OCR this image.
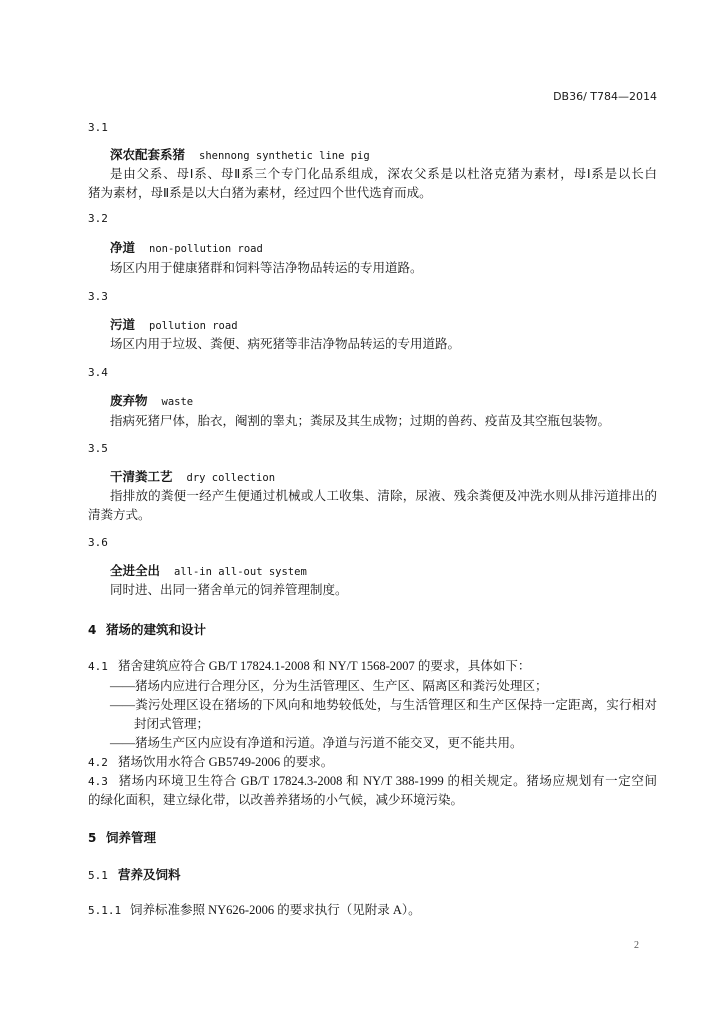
DB36/ T784—2014
3.1
深农配套系猪 shennong synthetic line pig
是由父系、母Ⅰ系、母Ⅱ系三个专门化品系组成，深农父系是以杜洛克猪为素材，母Ⅰ系是以长白
猪为素材，母Ⅱ系是以大白猪为素材，经过四个世代选育而成。
3.2
净道 non-pollution road
场区内用于健康猪群和饲料等洁净物品转运的专用道路。
3.3
污道 pollution road
场区内用于垃圾、粪便、病死猪等非洁净物品转运的专用道路。
3.4
废弃物 waste
指病死猪尸体，胎衣，阉割的睾丸；粪尿及其生成物；过期的兽药、疫苗及其空瓶包装物。
3.5
干清粪工艺 dry collection
指排放的粪便一经产生便通过机械或人工收集、清除，尿液、残余粪便及冲洗水则从排污道排出的
清粪方式。
3.6
全进全出 all-in all-out system
同时进、出同一猪舍单元的饲养管理制度。
4 猪场的建筑和设计
4.1 猪舍建筑应符合 GB/T 17824.1-2008 和 NY/T 1568-2007 的要求，具体如下：
——猪场内应进行合理分区，分为生活管理区、生产区、隔离区和粪污处理区；
——粪污处理区设在猪场的下风向和地势较低处，与生活管理区和生产区保持一定距离，实行相对
封闭式管理；
——猪场生产区内应设有净道和污道。净道与污道不能交叉，更不能共用。
4.2 猪场饮用水符合 GB5749-2006 的要求。
4.3 猪场内环境卫生符合 GB/T 17824.3-2008 和 NY/T 388-1999 的相关规定。猪场应规划有一定空间
的绿化面积，建立绿化带，以改善养猪场的小气候，减少环境污染。
5 饲养管理
5.1 营养及饲料
5.1.1 饲养标准参照 NY626-2006 的要求执行（见附录 A）。
2
